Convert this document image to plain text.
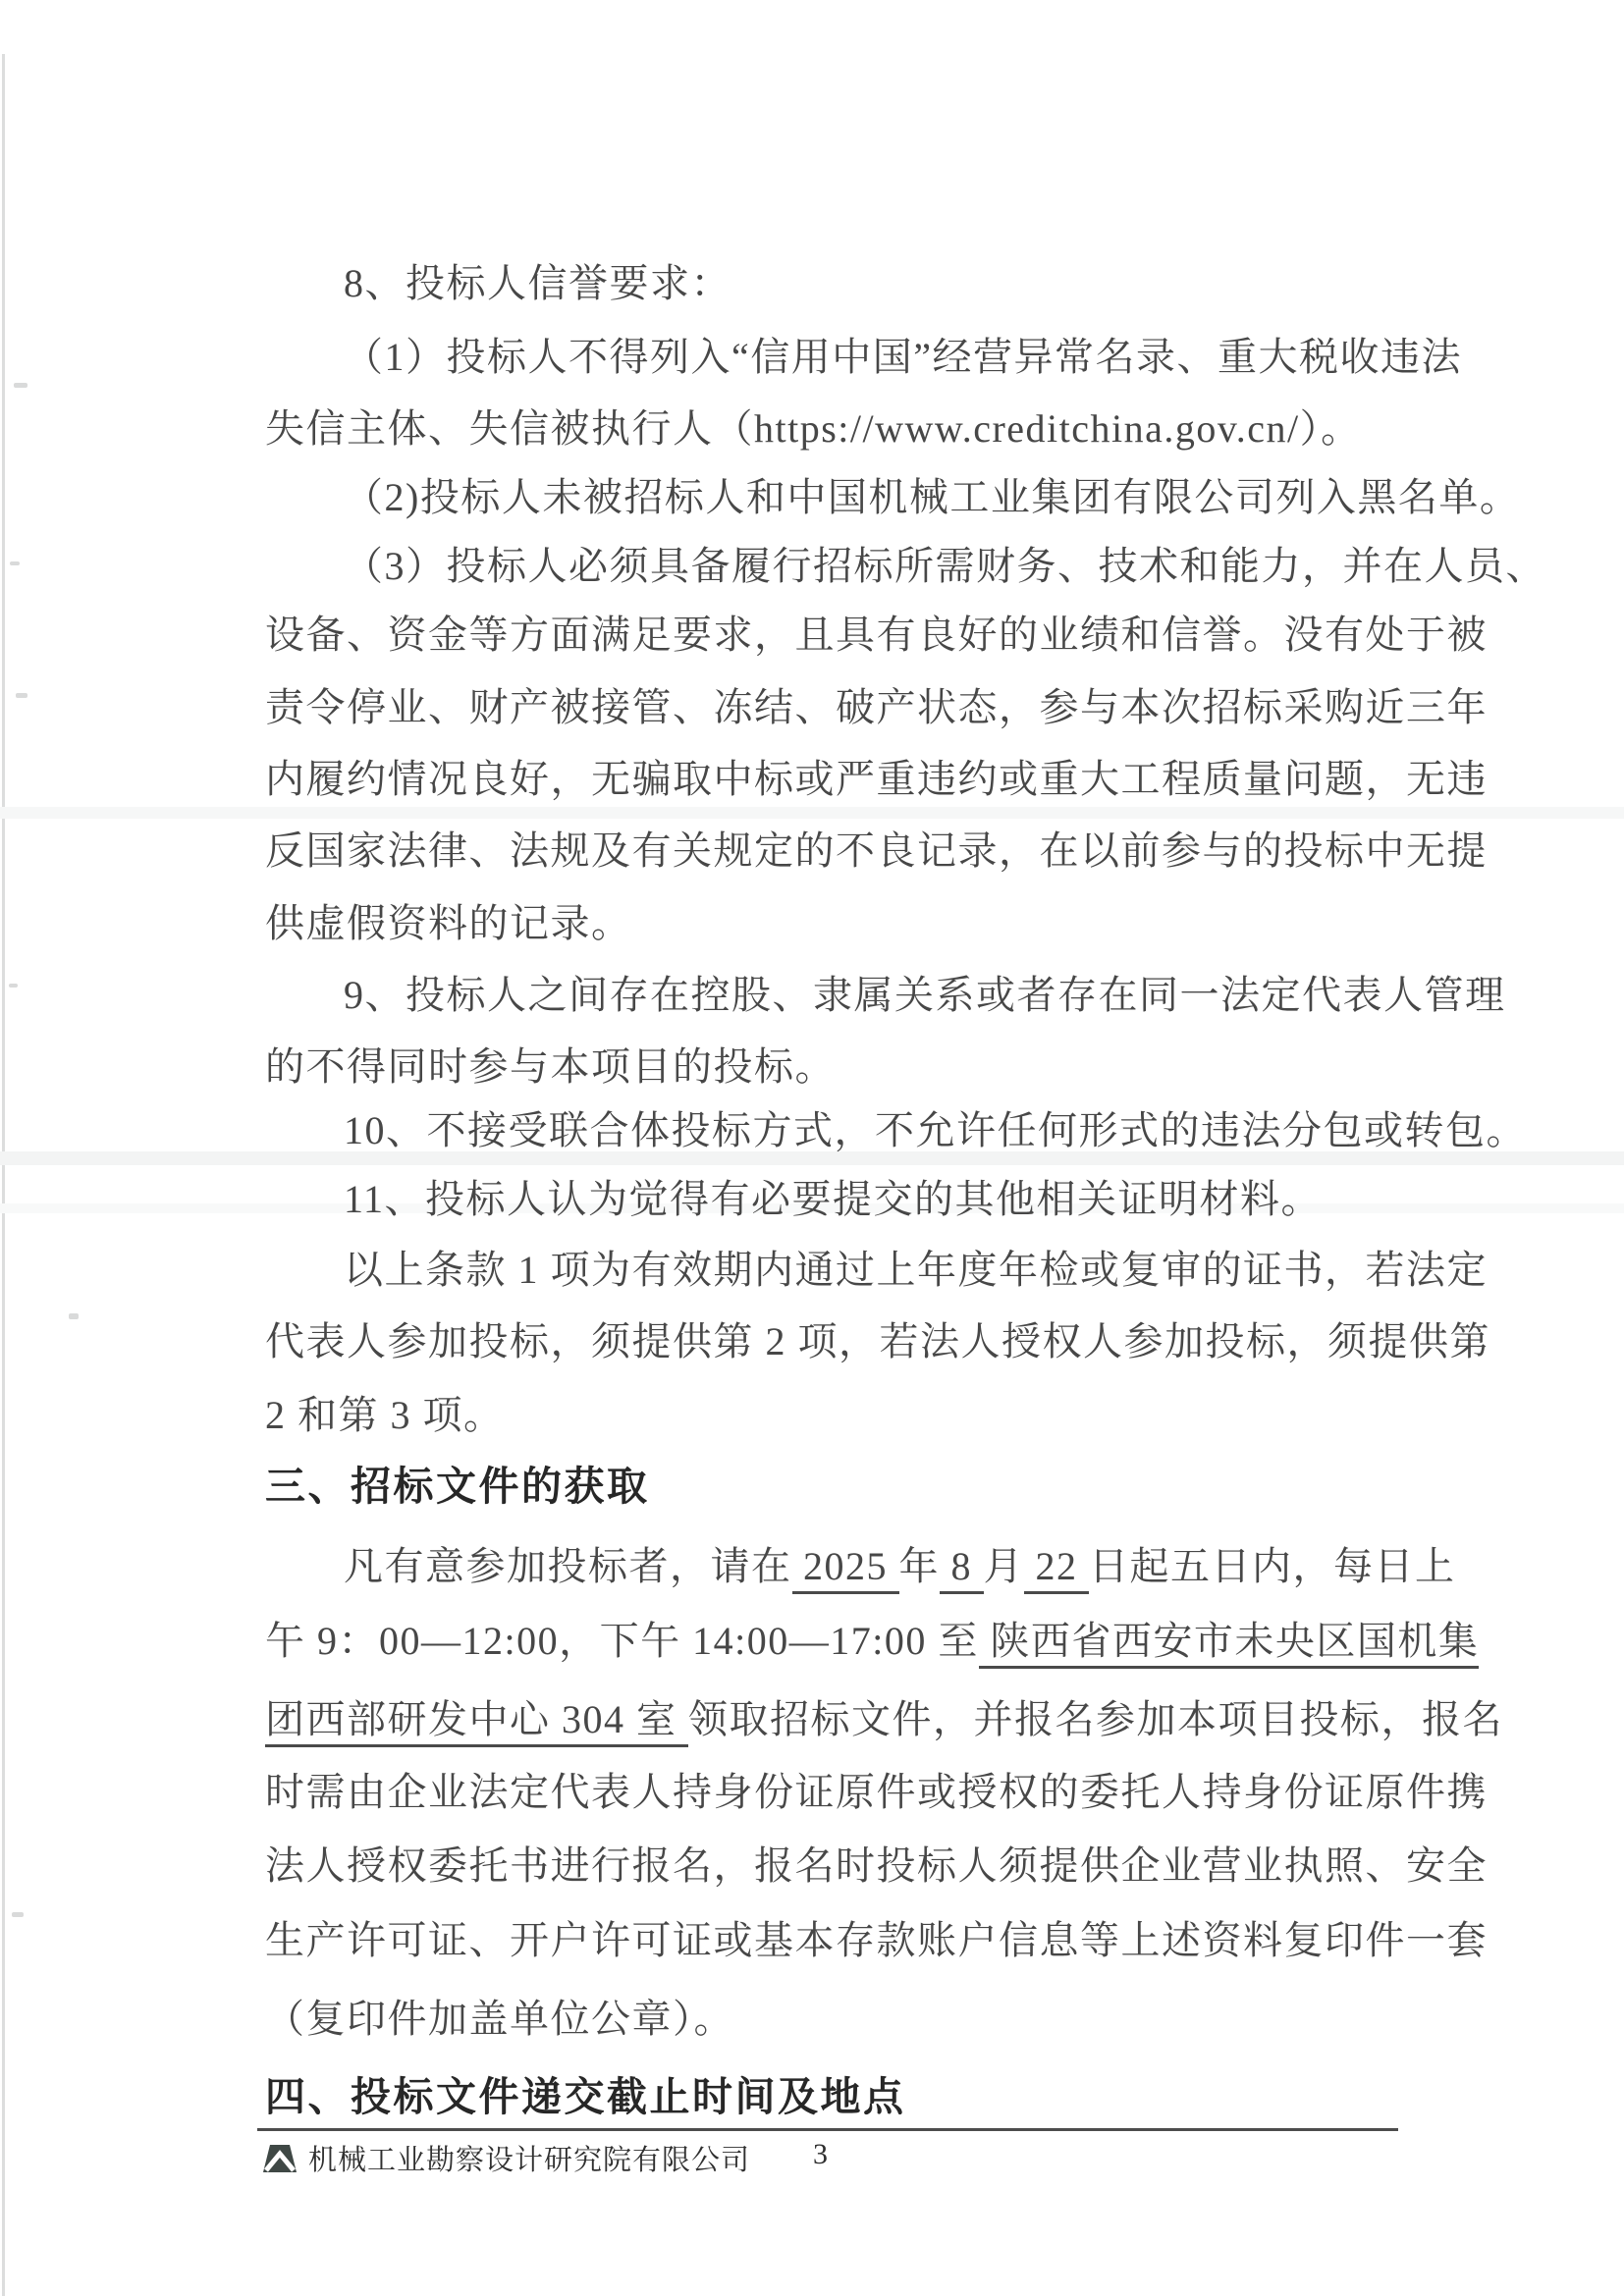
8、投标人信誉要求：
（1）投标人不得列入“信用中国”经营异常名录、重大税收违法
失信主体、失信被执行人（https://www.creditchina.gov.cn/）。
（2)投标人未被招标人和中国机械工业集团有限公司列入黑名单。
（3）投标人必须具备履行招标所需财务、技术和能力，并在人员、
设备、资金等方面满足要求，且具有良好的业绩和信誉。没有处于被
责令停业、财产被接管、冻结、破产状态，参与本次招标采购近三年
内履约情况良好，无骗取中标或严重违约或重大工程质量问题，无违
反国家法律、法规及有关规定的不良记录，在以前参与的投标中无提
供虚假资料的记录。
9、投标人之间存在控股、隶属关系或者存在同一法定代表人管理
的不得同时参与本项目的投标。
10、不接受联合体投标方式，不允许任何形式的违法分包或转包。
11、投标人认为觉得有必要提交的其他相关证明材料。
以上条款 1 项为有效期内通过上年度年检或复审的证书，若法定
代表人参加投标，须提供第 2 项，若法人授权人参加投标，须提供第
2 和第 3 项。
三、招标文件的获取
凡有意参加投标者，请在 2025 年 8 月 22 日起五日内，每日上
午 9：00—12:00，下午 14:00—17:00 至 陕西省西安市未央区国机集
团西部研发中心 304 室 领取招标文件，并报名参加本项目投标，报名
时需由企业法定代表人持身份证原件或授权的委托人持身份证原件携
法人授权委托书进行报名，报名时投标人须提供企业营业执照、安全
生产许可证、开户许可证或基本存款账户信息等上述资料复印件一套
（复印件加盖单位公章）。
四、投标文件递交截止时间及地点
机械工业勘察设计研究院有限公司 3
